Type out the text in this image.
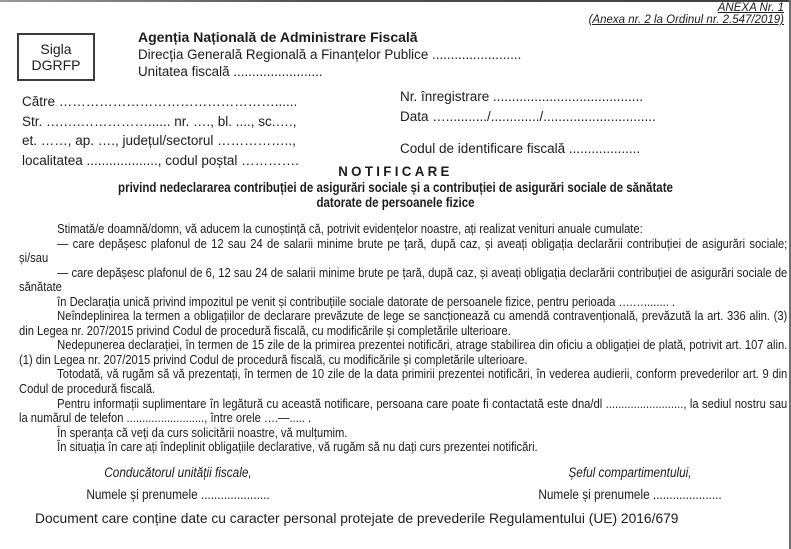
ANEXA Nr. 1
(Anexa nr. 2 la Ordinul nr. 2.547/2019)
Sigla
DGRFP
Agenția Națională de Administrare Fiscală
Direcția Generală Regională a Finanțelor Publice ........................
Unitatea fiscală ........................
Către …………………………………………......
Str. ….….……………...... nr. …., bl. ...., sc.….,
et. ……, ap. …., județul/sectorul ……………..,
localitatea ..................., codul poștal ………….
Nr. înregistrare ........................................
Data ….........../............./..............................
Codul de identificare fiscală ...................
NOTIFICARE
privind nedeclararea contribuției de asigurări sociale și a contribuției de asigurări sociale de sănătate
datorate de persoanele fizice

Stimată/e doamnă/domn, vă aducem la cunoștință că, potrivit evidențelor noastre, ați realizat venituri anuale cumulate:

— care depășesc plafonul de 12 sau 24 de salarii minime brute pe țară, după caz, și aveați obligația declarării contribuției de asigurări sociale; și/sau

— care depășesc plafonul de 6, 12 sau 24 de salarii minime brute pe țară, după caz, și aveați obligația declarării contribuției de asigurări sociale de sănătate

în Declarația unică privind impozitul pe venit și contribuțiile sociale datorate de persoanele fizice, pentru perioada ….…........ .

Neîndeplinirea la termen a obligațiilor de declarare prevăzute de lege se sancționează cu amendă contravențională, prevăzută la art. 336 alin. (3) din Legea nr. 207/2015 privind Codul de procedură fiscală, cu modificările și completările ulterioare.

Nedepunerea declarației, în termen de 15 zile de la primirea prezentei notificări, atrage stabilirea din oficiu a obligației de plată, potrivit art. 107 alin. (1) din Legea nr. 207/2015 privind Codul de procedură fiscală, cu modificările și completările ulterioare.

Totodată, vă rugăm să vă prezentați, în termen de 10 zile de la data primirii prezentei notificări, în vederea audierii, conform prevederilor art. 9 din Codul de procedură fiscală.

Pentru informații suplimentare în legătură cu această notificare, persoana care poate fi contactată este dna/dl ........................., la sediul nostru sau la numărul de telefon ........................., între orele ….—..... .

În speranța că veți da curs solicitării noastre, vă mulțumim.

În situația în care ați îndeplinit obligațiile declarative, vă rugăm să nu dați curs prezentei notificări.

Conducătorul unității fiscale,
Numele și prenumele .....................
Șeful compartimentului,
Numele și prenumele .....................
Document care conține date cu caracter personal protejate de prevederile Regulamentului (UE) 2016/679
